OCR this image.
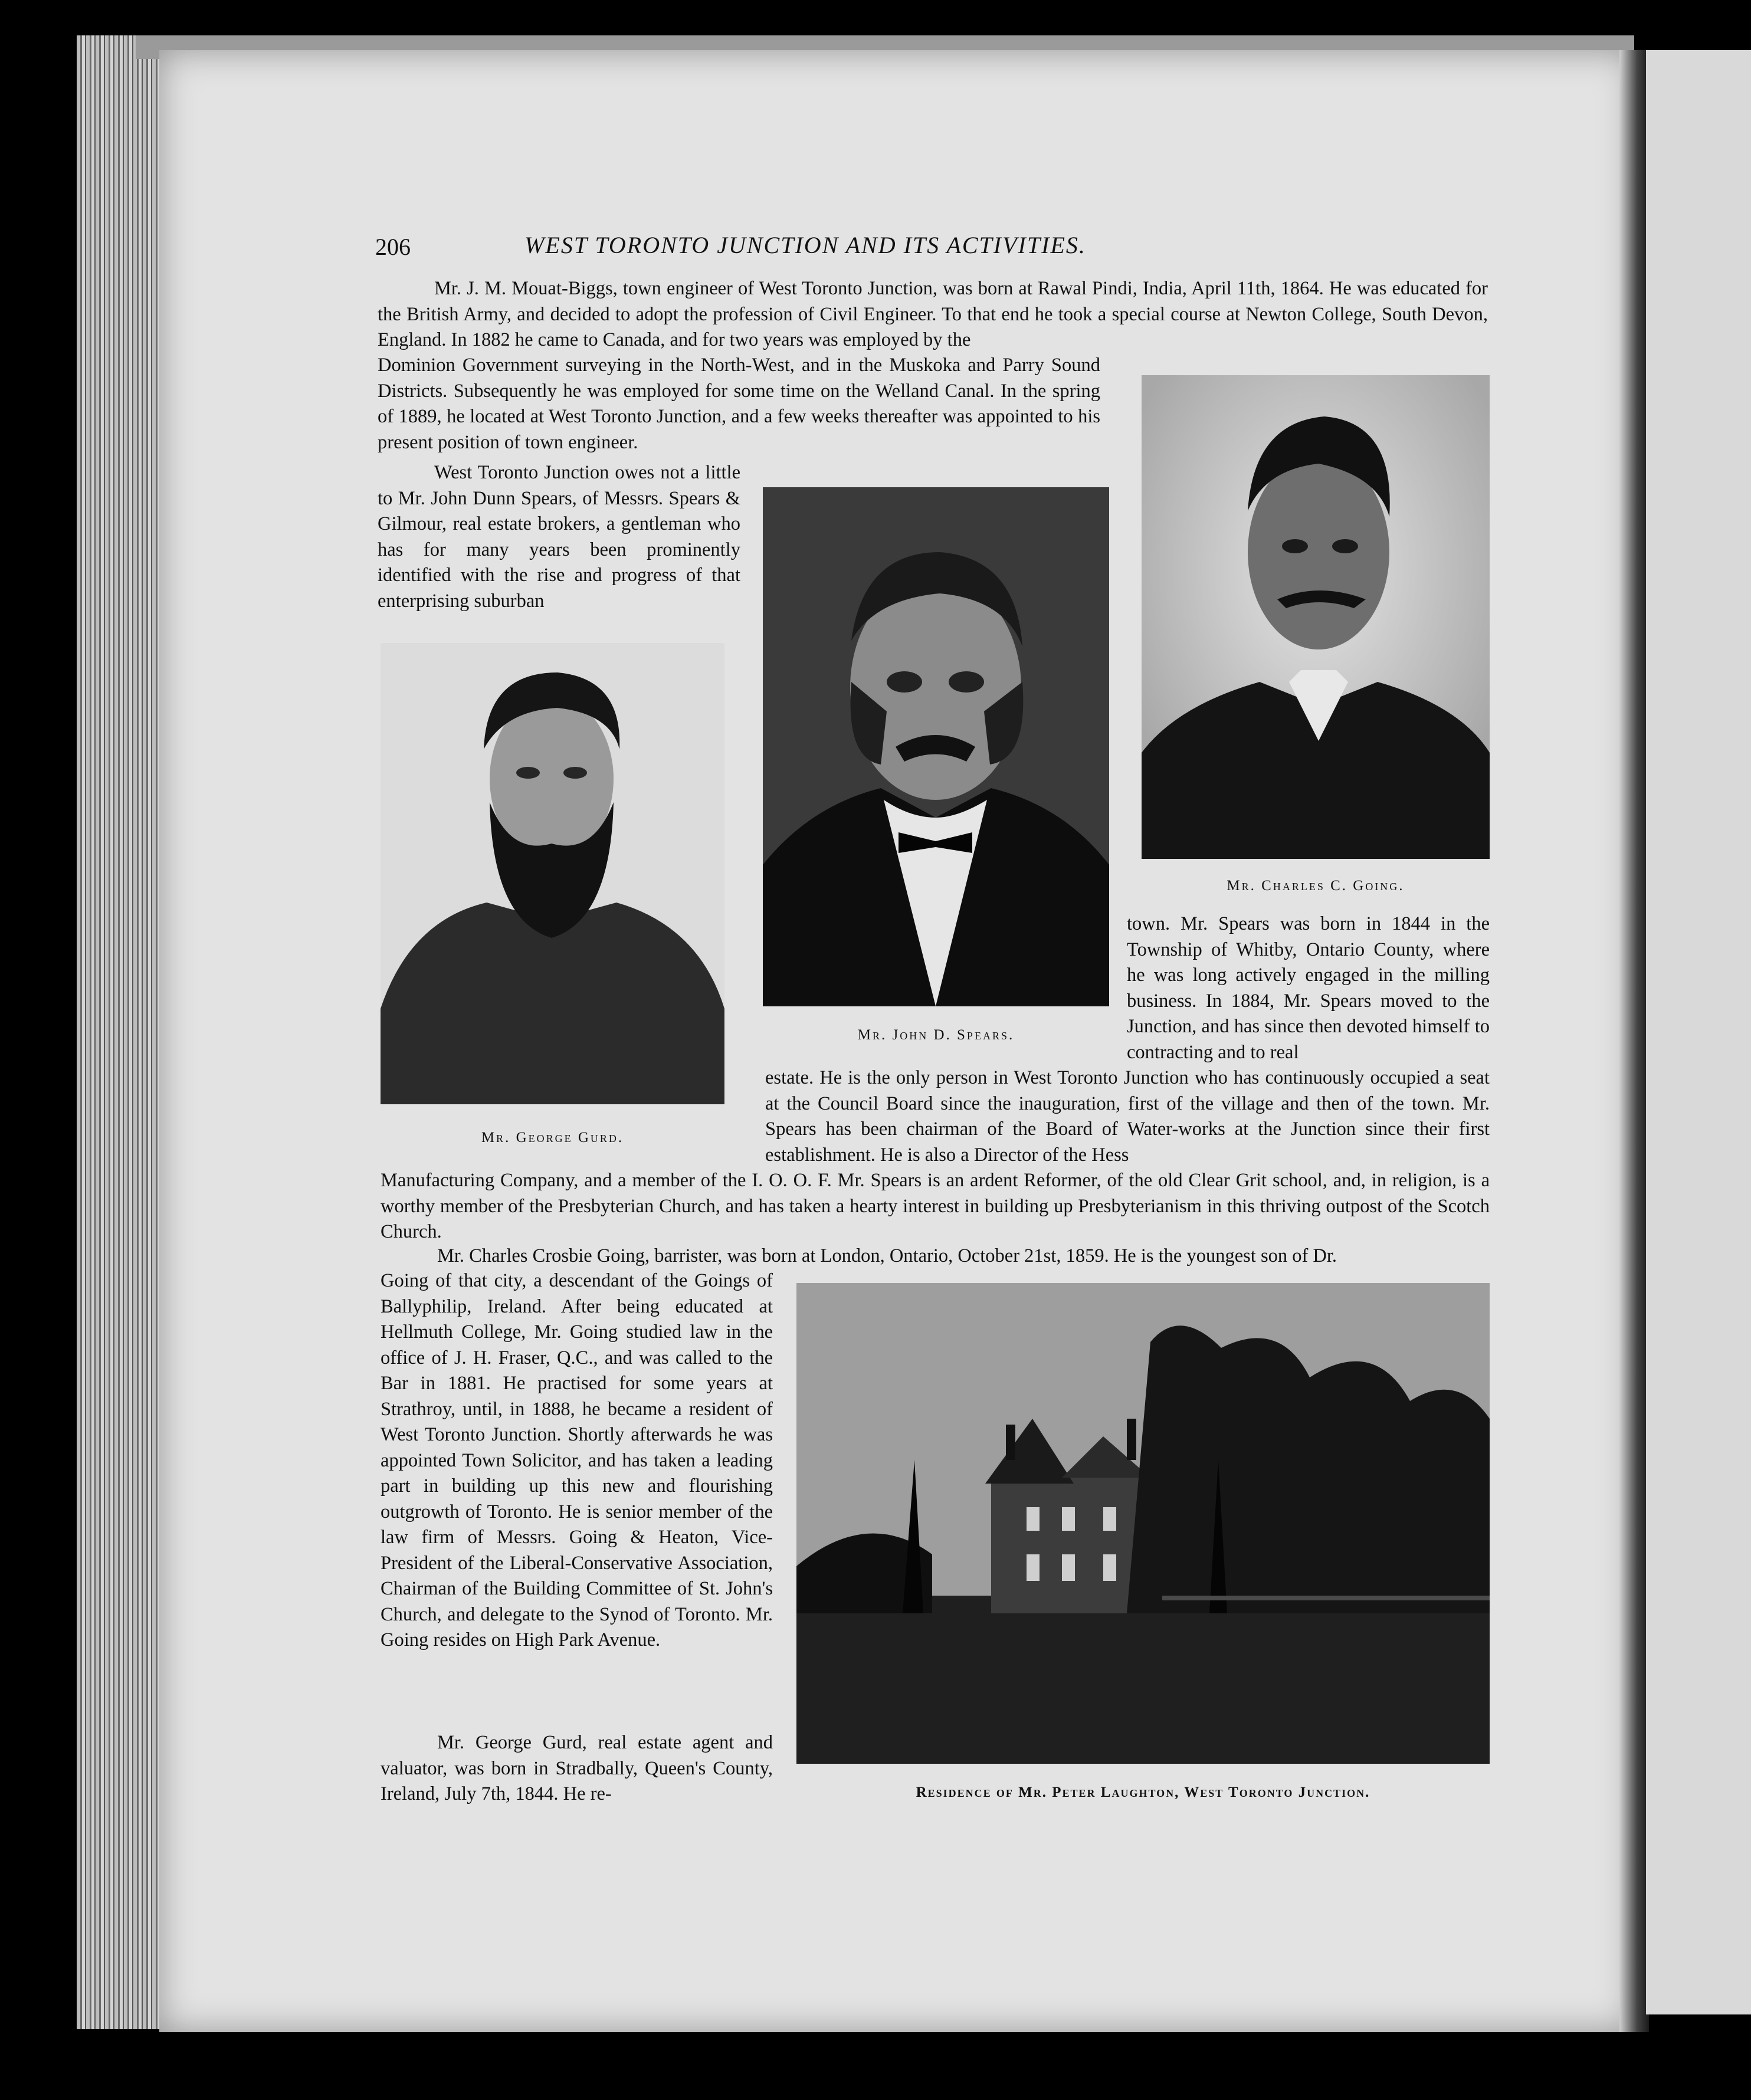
206	WEST TORONTO JUNCTION AND ITS ACTIVITIES.
Mr. J. M. Mouat-Biggs, town engineer of West Toronto Junction, was born at Rawal Pindi, India, April 11th, 1864. He was educated for the British Army, and decided to adopt the profession of Civil Engineer. To that end he took a special course at Newton College, South Devon, England. In 1882 he came to Canada, and for two years was employed by the
Dominion Government surveying in the North-West, and in the Muskoka and Parry Sound Districts. Subsequently he was employed for some time on the Welland Canal. In the spring of 1889, he located at West Toronto Junction, and a few weeks thereafter was appointed to his present position of town engineer.
West Toronto Junction owes not a little to Mr. John Dunn Spears, of Messrs. Spears & Gilmour, real estate brokers, a gentleman who has for many years been prominently identified with the rise and progress of that enterprising suburban
Mr. Charles C. Going.
Mr. John D. Spears.
Mr. George Gurd.
town. Mr. Spears was born in 1844 in the Township of Whitby, Ontario County, where he was long actively engaged in the milling business. In 1884, Mr. Spears moved to the Junction, and has since then devoted himself to contracting and to real
estate. He is the only person in West Toronto Junction who has continuously occupied a seat at the Council Board since the inauguration, first of the village and then of the town. Mr. Spears has been chairman of the Board of Water-works at the Junction since their first establishment. He is also a Director of the Hess
Manufacturing Company, and a member of the I. O. O. F. Mr. Spears is an ardent Reformer, of the old Clear Grit school, and, in religion, is a worthy member of the Presbyterian Church, and has taken a hearty interest in building up Presbyterianism in this thriving outpost of the Scotch Church.
Mr. Charles Crosbie Going, barrister, was born at London, Ontario, October 21st, 1859. He is the youngest son of Dr.
Going of that city, a descendant of the Goings of Ballyphilip, Ireland. After being educated at Hellmuth College, Mr. Going studied law in the office of J. H. Fraser, Q.C., and was called to the Bar in 1881. He practised for some years at Strathroy, until, in 1888, he became a resident of West Toronto Junction. Shortly afterwards he was appointed Town Solicitor, and has taken a leading part in building up this new and flourishing outgrowth of Toronto. He is senior member of the law firm of Messrs. Going & Heaton, Vice-President of the Liberal-Conservative Association, Chairman of the Building Committee of St. John's Church, and delegate to the Synod of Toronto. Mr. Going resides on High Park Avenue.
Mr. George Gurd, real estate agent and valuator, was born in Stradbally, Queen's County, Ireland, July 7th, 1844. He re-	Residence of Mr. Peter Laughton, West Toronto Junction.
